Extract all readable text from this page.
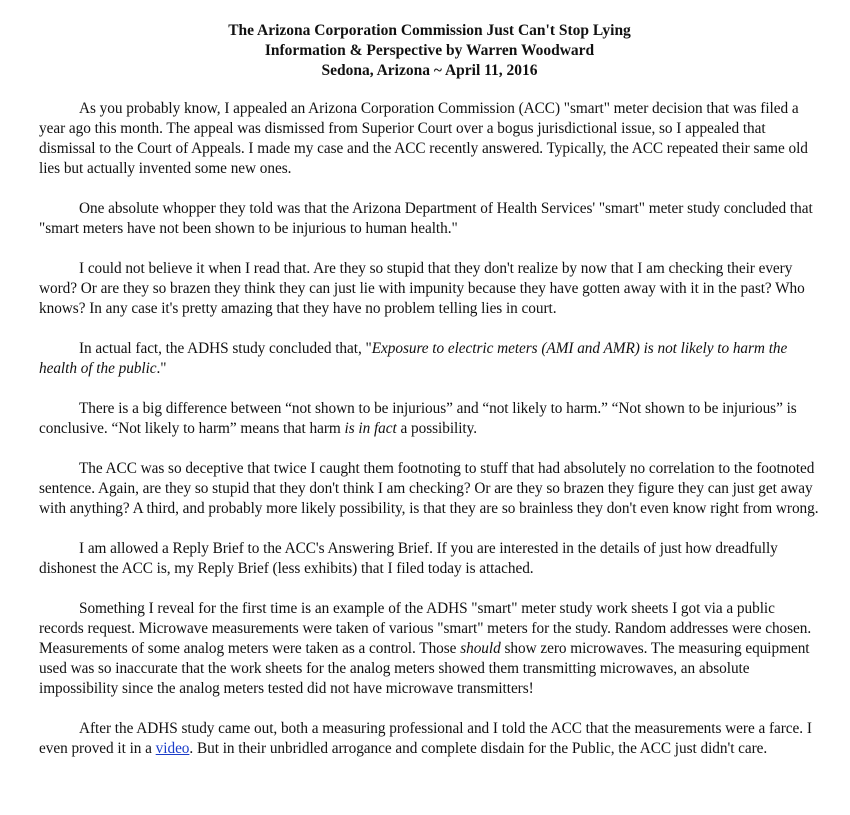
The Arizona Corporation Commission Just Can't Stop Lying
Information & Perspective by Warren Woodward
Sedona, Arizona ~ April 11, 2016

As you probably know, I appealed an Arizona Corporation Commission (ACC) "smart" meter decision that was filed a year ago this month. The appeal was dismissed from Superior Court over a bogus jurisdictional issue, so I appealed that dismissal to the Court of Appeals. I made my case and the ACC recently answered. Typically, the ACC repeated their same old lies but actually invented some new ones.

One absolute whopper they told was that the Arizona Department of Health Services' "smart" meter study concluded that "smart meters have not been shown to be injurious to human health."

I could not believe it when I read that. Are they so stupid that they don't realize by now that I am checking their every word? Or are they so brazen they think they can just lie with impunity because they have gotten away with it in the past? Who knows? In any case it's pretty amazing that they have no problem telling lies in court.

In actual fact, the ADHS study concluded that, "Exposure to electric meters (AMI and AMR) is not likely to harm the health of the public."

There is a big difference between “not shown to be injurious” and “not likely to harm.” “Not shown to be injurious” is conclusive. “Not likely to harm” means that harm is in fact a possibility.

The ACC was so deceptive that twice I caught them footnoting to stuff that had absolutely no correlation to the footnoted sentence. Again, are they so stupid that they don't think I am checking? Or are they so brazen they figure they can just get away with anything? A third, and probably more likely possibility, is that they are so brainless they don't even know right from wrong.

I am allowed a Reply Brief to the ACC's Answering Brief. If you are interested in the details of just how dreadfully dishonest the ACC is, my Reply Brief (less exhibits) that I filed today is attached.

Something I reveal for the first time is an example of the ADHS "smart" meter study work sheets I got via a public records request. Microwave measurements were taken of various "smart" meters for the study. Random addresses were chosen. Measurements of some analog meters were taken as a control. Those should show zero microwaves. The measuring equipment used was so inaccurate that the work sheets for the analog meters showed them transmitting microwaves, an absolute impossibility since the analog meters tested did not have microwave transmitters!

After the ADHS study came out, both a measuring professional and I told the ACC that the measurements were a farce. I even proved it in a video. But in their unbridled arrogance and complete disdain for the Public, the ACC just didn't care.
